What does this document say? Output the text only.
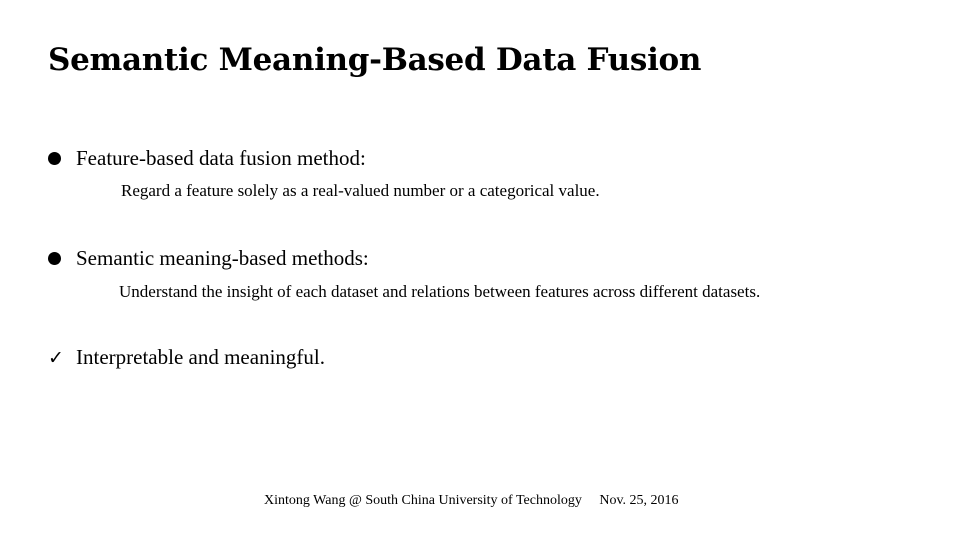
Semantic Meaning-Based Data Fusion
Feature-based data fusion method:
Regard a feature solely as a real-valued number or a categorical value.
Semantic meaning-based methods:
Understand the insight of each dataset and relations between features across different datasets.
✓ Interpretable and meaningful.
Xintong Wang @ South China University of Technology Nov. 25, 2016
